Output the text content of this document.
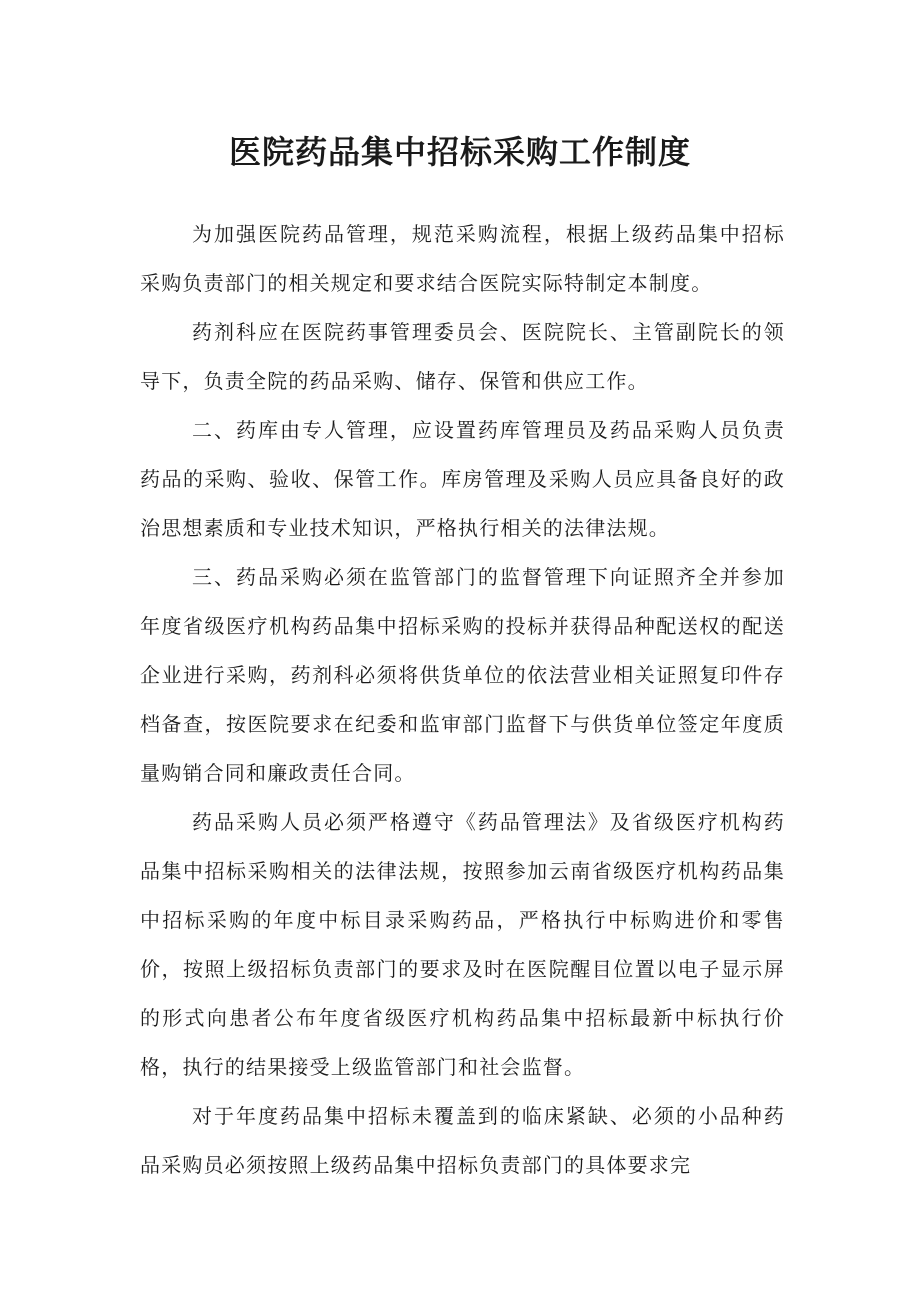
医院药品集中招标采购工作制度

为加强医院药品管理，规范采购流程，根据上级药品集中招标采购负责部门的相关规定和要求结合医院实际特制定本制度。

药剂科应在医院药事管理委员会、医院院长、主管副院长的领导下，负责全院的药品采购、储存、保管和供应工作。

二、药库由专人管理，应设置药库管理员及药品采购人员负责药品的采购、验收、保管工作。库房管理及采购人员应具备良好的政治思想素质和专业技术知识，严格执行相关的法律法规。

三、药品采购必须在监管部门的监督管理下向证照齐全并参加年度省级医疗机构药品集中招标采购的投标并获得品种配送权的配送企业进行采购，药剂科必须将供货单位的依法营业相关证照复印件存档备查，按医院要求在纪委和监审部门监督下与供货单位签定年度质量购销合同和廉政责任合同。

药品采购人员必须严格遵守《药品管理法》及省级医疗机构药品集中招标采购相关的法律法规，按照参加云南省级医疗机构药品集中招标采购的年度中标目录采购药品，严格执行中标购进价和零售价，按照上级招标负责部门的要求及时在医院醒目位置以电子显示屏的形式向患者公布年度省级医疗机构药品集中招标最新中标执行价格，执行的结果接受上级监管部门和社会监督。

对于年度药品集中招标未覆盖到的临床紧缺、必须的小品种药品采购员必须按照上级药品集中招标负责部门的具体要求完
